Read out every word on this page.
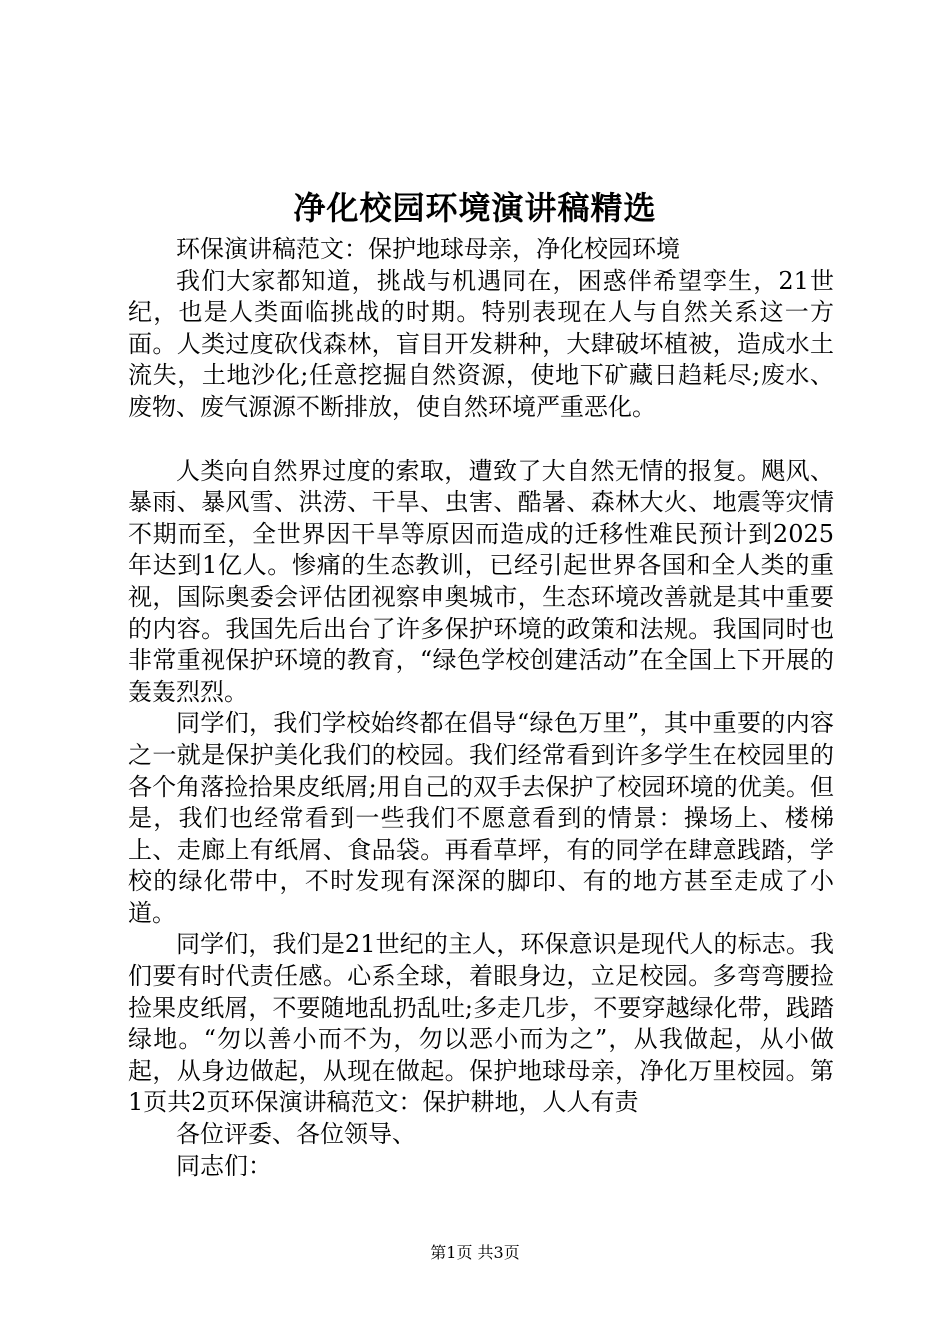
净化校园环境演讲稿精选

环保演讲稿范文：保护地球母亲，净化校园环境

我们大家都知道，挑战与机遇同在，困惑伴希望孪生，21世纪，也是人类面临挑战的时期。特别表现在人与自然关系这一方面。人类过度砍伐森林，盲目开发耕种，大肆破坏植被，造成水土流失，土地沙化;任意挖掘自然资源，使地下矿藏日趋耗尽;废水、废物、废气源源不断排放，使自然环境严重恶化。

人类向自然界过度的索取，遭致了大自然无情的报复。飓风、暴雨、暴风雪、洪涝、干旱、虫害、酷暑、森林大火、地震等灾情不期而至，全世界因干旱等原因而造成的迁移性难民预计到2025年达到1亿人。惨痛的生态教训，已经引起世界各国和全人类的重视，国际奥委会评估团视察申奥城市，生态环境改善就是其中重要的内容。我国先后出台了许多保护环境的政策和法规。我国同时也非常重视保护环境的教育，“绿色学校创建活动”在全国上下开展的轰轰烈烈。

同学们，我们学校始终都在倡导“绿色万里”，其中重要的内容之一就是保护美化我们的校园。我们经常看到许多学生在校园里的各个角落捡拾果皮纸屑;用自己的双手去保护了校园环境的优美。但是，我们也经常看到一些我们不愿意看到的情景：操场上、楼梯上、走廊上有纸屑、食品袋。再看草坪，有的同学在肆意践踏，学校的绿化带中，不时发现有深深的脚印、有的地方甚至走成了小道。

同学们，我们是21世纪的主人，环保意识是现代人的标志。我们要有时代责任感。心系全球，着眼身边，立足校园。多弯弯腰捡捡果皮纸屑，不要随地乱扔乱吐;多走几步，不要穿越绿化带，践踏绿地。“勿以善小而不为，勿以恶小而为之”，从我做起，从小做起，从身边做起，从现在做起。保护地球母亲，净化万里校园。第1页共2页环保演讲稿范文：保护耕地，人人有责

各位评委、各位领导、

同志们：

第1页 共3页
